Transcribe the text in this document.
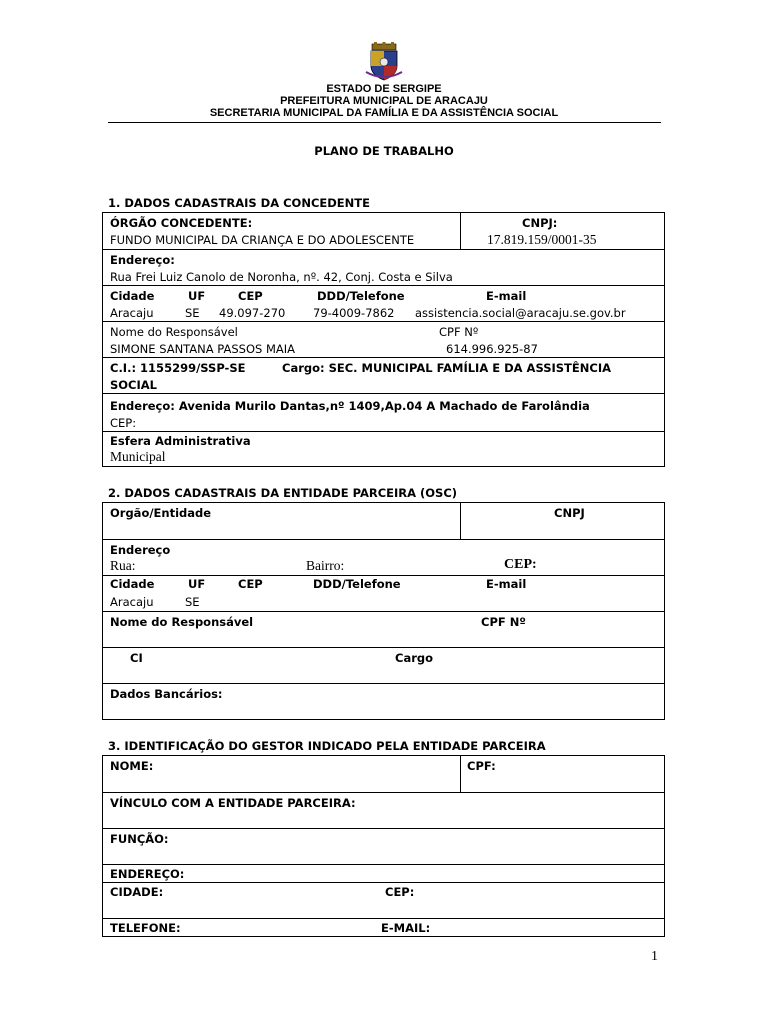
ESTADO DE SERGIPE
PREFEITURA MUNICIPAL DE ARACAJU
SECRETARIA MUNICIPAL DA FAMÍLIA E DA ASSISTÊNCIA SOCIAL
PLANO DE TRABALHO
1. DADOS CADASTRAIS DA CONCEDENTE
ÓRGÃO CONCEDENTE:
FUNDO MUNICIPAL DA CRIANÇA E DO ADOLESCENTE
CNPJ:
17.819.159/0001-35
Endereço:
Rua Frei Luiz Canolo de Noronha, nº. 42, Conj. Costa e Silva
Cidade	UF	CEP	DDD/Telefone	E-mail
Aracaju	SE 49.097-270 79-4009-7862 assistencia.social@aracaju.se.gov.br
Nome do Responsável	CPF Nº
SIMONE SANTANA PASSOS MAIA	614.996.925-87
C.I.: 1155299/SSP-SE	Cargo: SEC. MUNICIPAL FAMÍLIA E DA ASSISTÊNCIA
SOCIAL
Endereço: Avenida Murilo Dantas,nº 1409,Ap.04 A Machado de Farolândia
CEP:
Esfera Administrativa
Municipal
2. DADOS CADASTRAIS DA ENTIDADE PARCEIRA (OSC)
Orgão/Entidade	CNPJ
Endereço
Rua:	Bairro:	CEP:
Cidade	UF	CEP	DDD/Telefone	E-mail
Aracaju	SE
Nome do Responsável	CPF Nº
CI	Cargo
Dados Bancários:
3. IDENTIFICAÇÃO DO GESTOR INDICADO PELA ENTIDADE PARCEIRA
NOME:	CPF:
VÍNCULO COM A ENTIDADE PARCEIRA:
FUNÇÃO:
ENDEREÇO:
CIDADE:	CEP:
TELEFONE:	E-MAIL:
1
